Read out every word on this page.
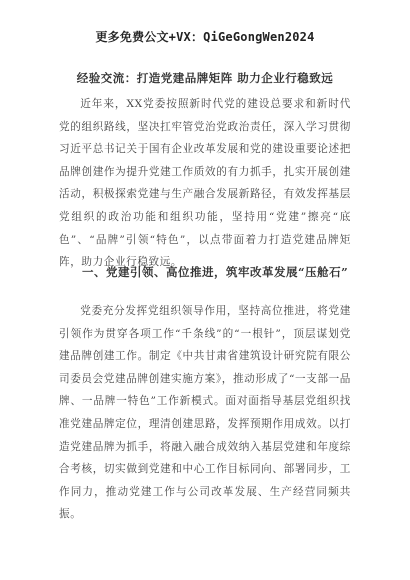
更多免费公文+VX：QiGeGongWen2024
经验交流：打造党建品牌矩阵 助力企业行稳致远

近年来，XX党委按照新时代党的建设总要求和新时代党的组织路线，坚决扛牢管党治党政治责任，深入学习贯彻习近平总书记关于国有企业改革发展和党的建设重要论述把品牌创建作为提升党建工作质效的有力抓手，扎实开展创建活动，积极探索党建与生产融合发展新路径，有效发挥基层党组织的政治功能和组织功能，坚持用“党建”擦亮“底色”、“品牌”引领“特色”，以点带面着力打造党建品牌矩阵，助力企业行稳致远。

一、党建引领、高位推进，筑牢改革发展“压舱石”

党委充分发挥党组织领导作用，坚持高位推进，将党建引领作为贯穿各项工作“千条线”的“一根针”，顶层谋划党建品牌创建工作。制定《中共甘肃省建筑设计研究院有限公司委员会党建品牌创建实施方案》，推动形成了“一支部一品牌、一品牌一特色”工作新模式。面对面指导基层党组织找准党建品牌定位，理清创建思路，发挥预期作用成效。以打造党建品牌为抓手，将融入融合成效纳入基层党建和年度综合考核，切实做到党建和中心工作目标同向、部署同步，工作同力，推动党建工作与公司改革发展、生产经营同频共振。
